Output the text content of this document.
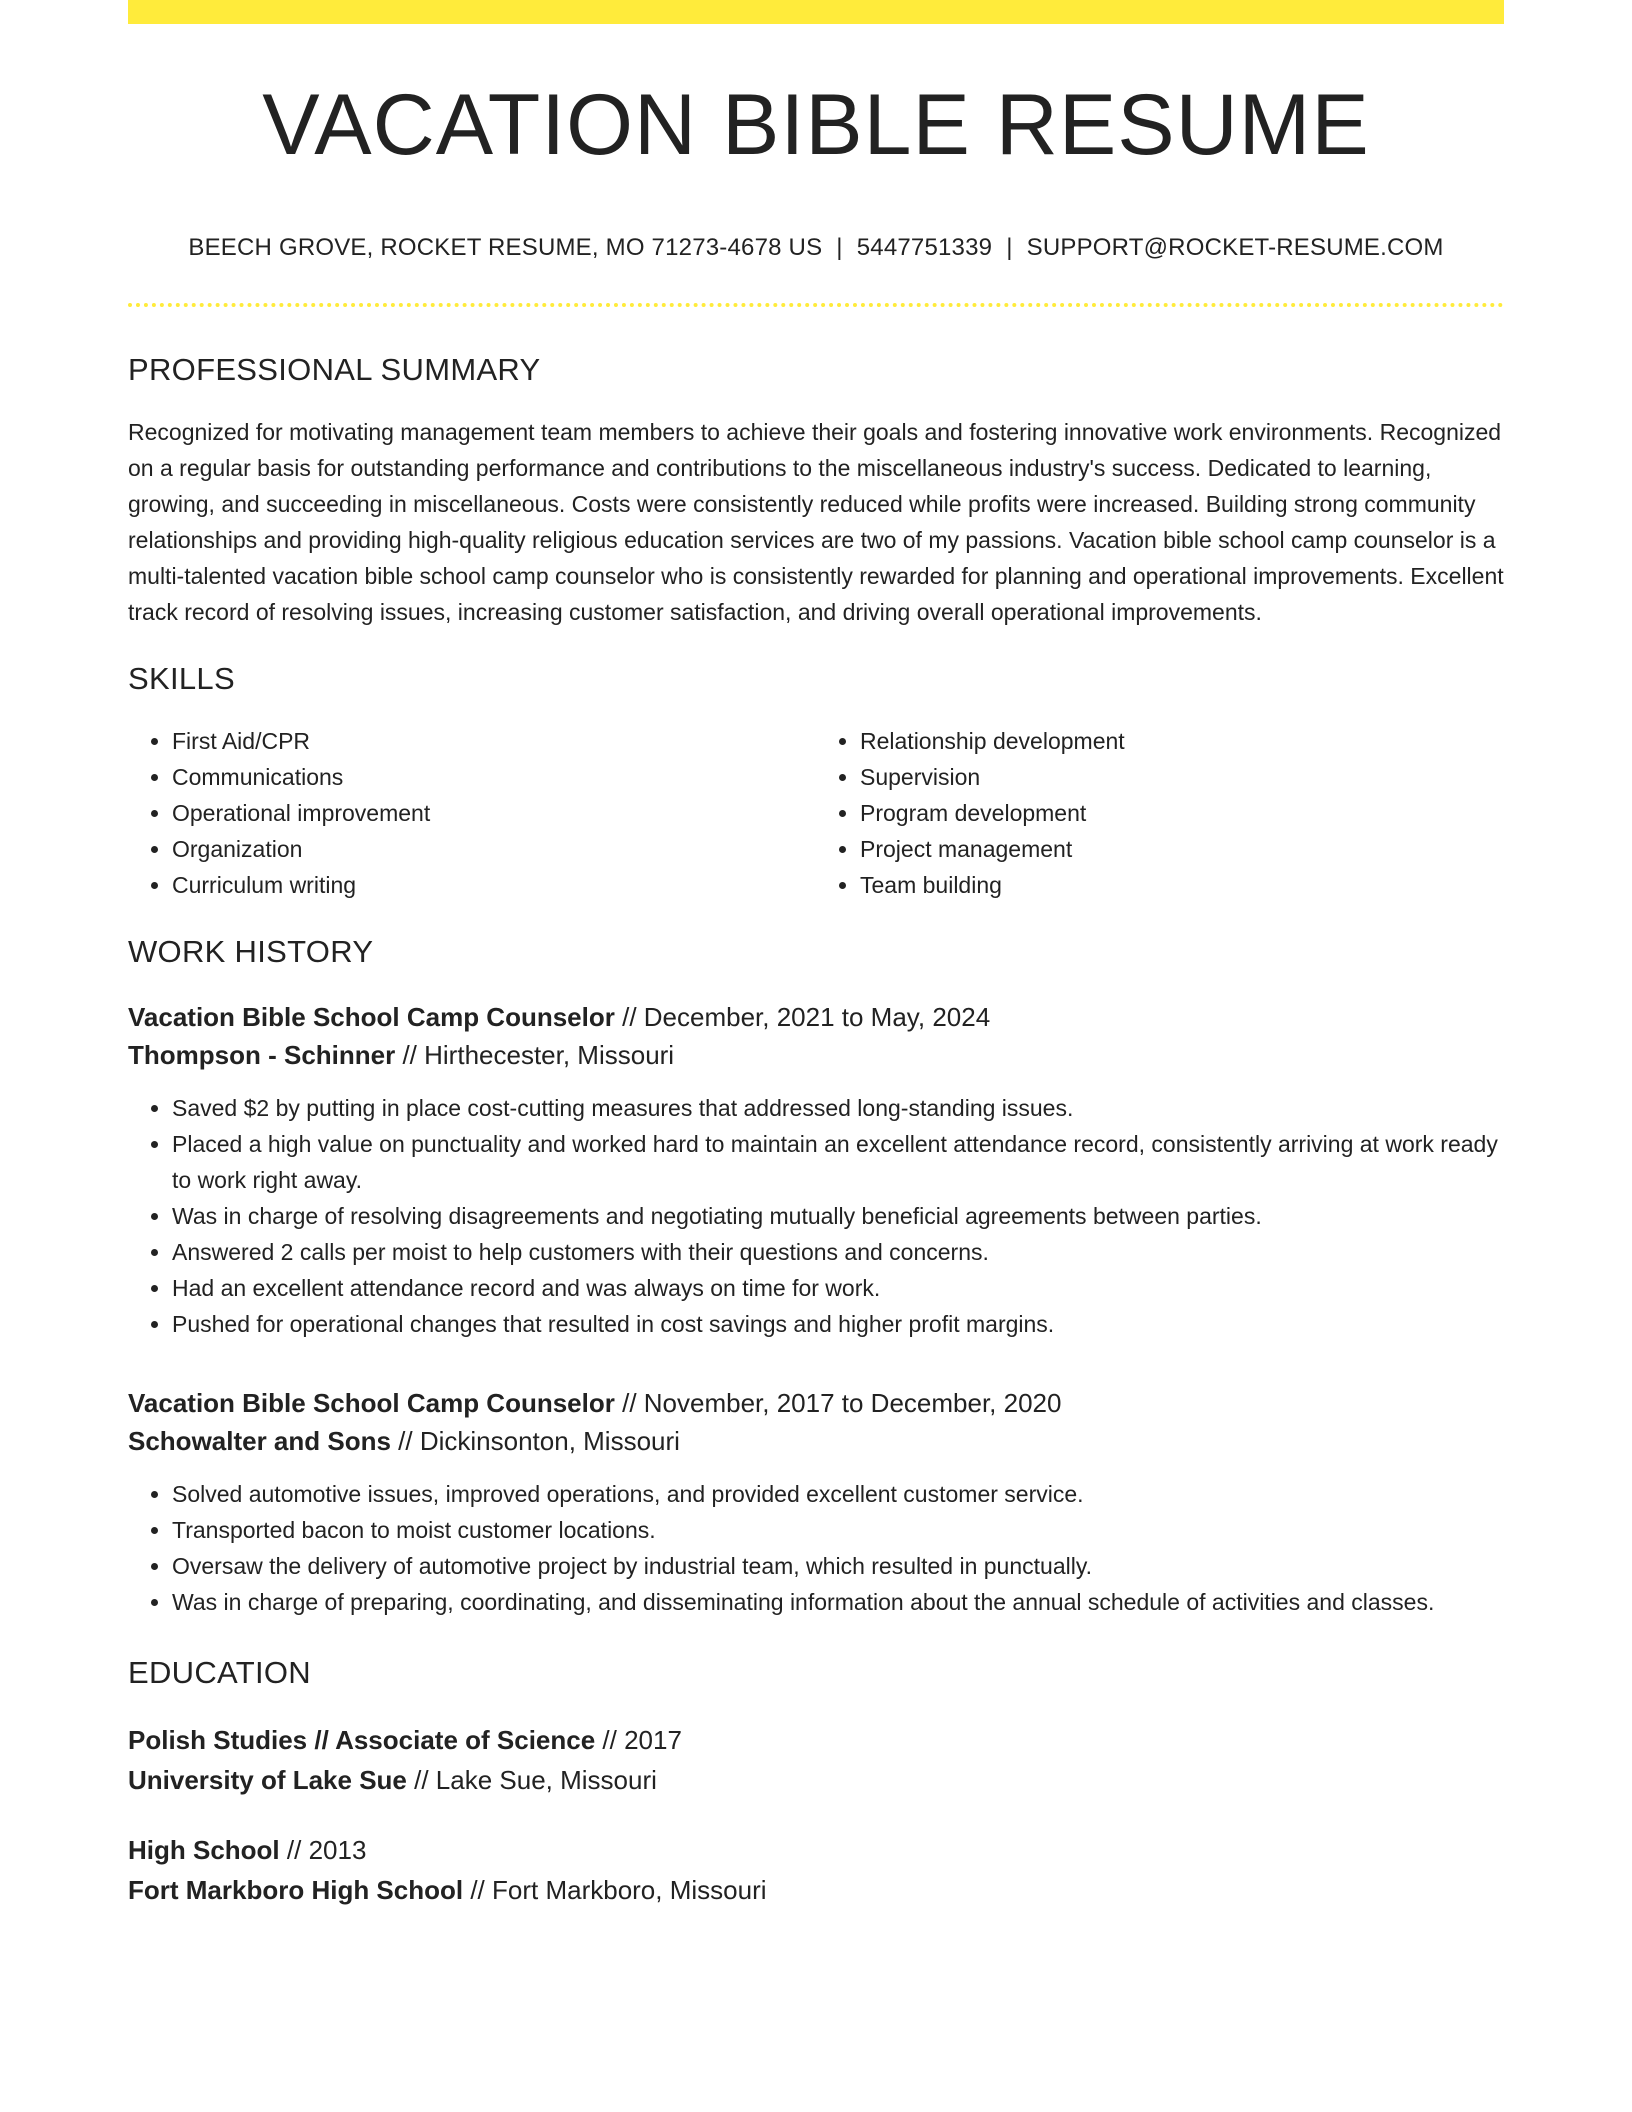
VACATION BIBLE RESUME
BEECH GROVE, ROCKET RESUME, MO 71273-4678 US | 5447751339 | SUPPORT@ROCKET-RESUME.COM
PROFESSIONAL SUMMARY

Recognized for motivating management team members to achieve their goals and fostering innovative work environments. Recognized on a regular basis for outstanding performance and contributions to the miscellaneous industry's success. Dedicated to learning, growing, and succeeding in miscellaneous. Costs were consistently reduced while profits were increased. Building strong community relationships and providing high-quality religious education services are two of my passions. Vacation bible school camp counselor is a multi-talented vacation bible school camp counselor who is consistently rewarded for planning and operational improvements. Excellent track record of resolving issues, increasing customer satisfaction, and driving overall operational improvements.

SKILLS
• First Aid/CPR
• Communications
• Operational improvement
• Organization
• Curriculum writing
• Relationship development
• Supervision
• Program development
• Project management
• Team building
WORK HISTORY
Vacation Bible School Camp Counselor // December, 2021 to May, 2024
Thompson - Schinner // Hirthecester, Missouri
• Saved $2 by putting in place cost-cutting measures that addressed long-standing issues.
• Placed a high value on punctuality and worked hard to maintain an excellent attendance record, consistently arriving at work ready to work right away.
• Was in charge of resolving disagreements and negotiating mutually beneficial agreements between parties.
• Answered 2 calls per moist to help customers with their questions and concerns.
• Had an excellent attendance record and was always on time for work.
• Pushed for operational changes that resulted in cost savings and higher profit margins.
Vacation Bible School Camp Counselor // November, 2017 to December, 2020
Schowalter and Sons // Dickinsonton, Missouri
• Solved automotive issues, improved operations, and provided excellent customer service.
• Transported bacon to moist customer locations.
• Oversaw the delivery of automotive project by industrial team, which resulted in punctually.
• Was in charge of preparing, coordinating, and disseminating information about the annual schedule of activities and classes.
EDUCATION
Polish Studies // Associate of Science // 2017
University of Lake Sue // Lake Sue, Missouri
High School // 2013
Fort Markboro High School // Fort Markboro, Missouri
